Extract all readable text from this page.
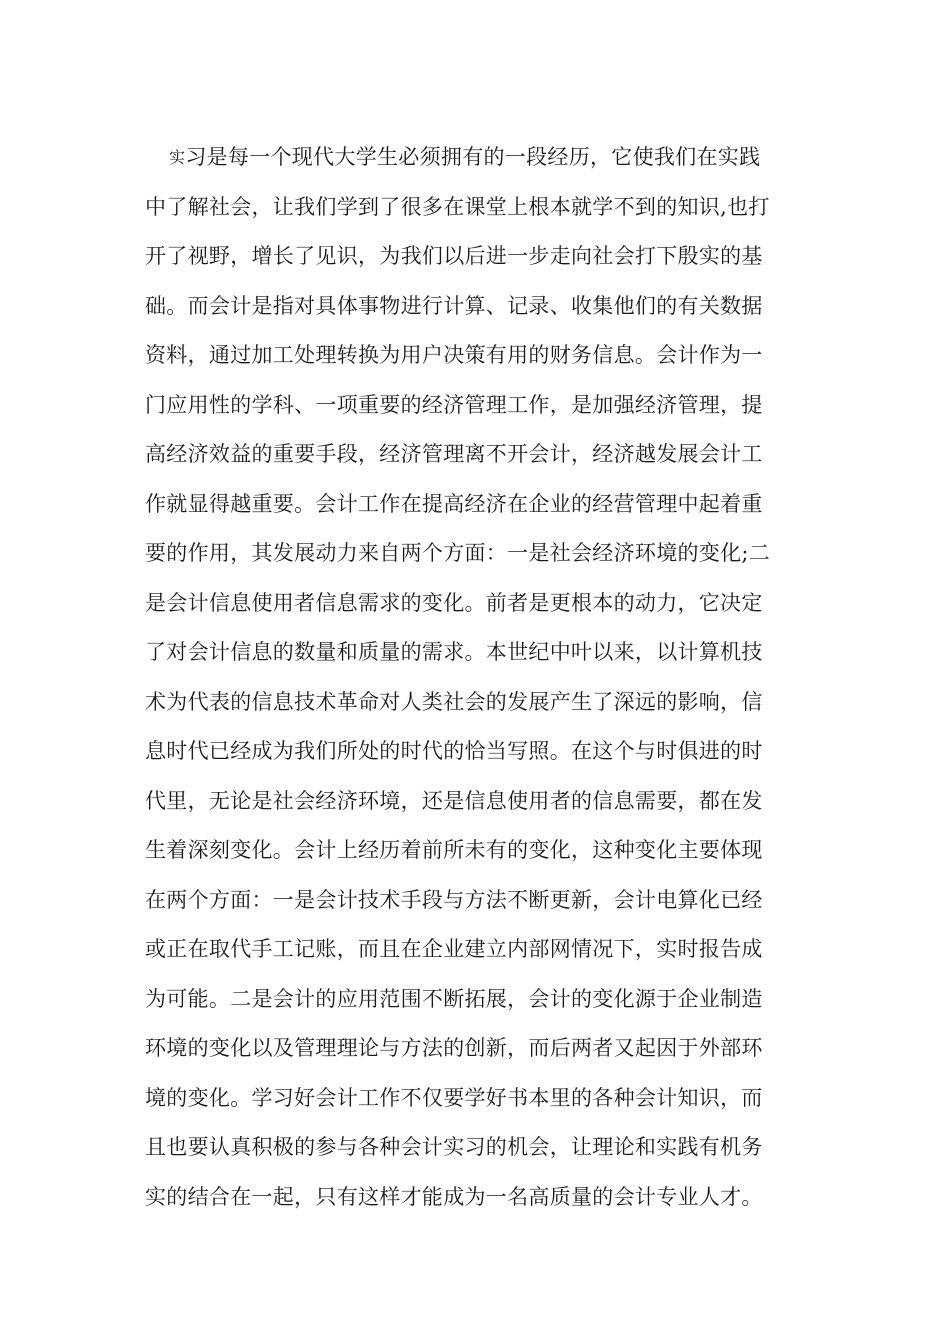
实习是每一个现代大学生必须拥有的一段经历，它使我们在实践
中了解社会，让我们学到了很多在课堂上根本就学不到的知识,也打
开了视野，增长了见识，为我们以后进一步走向社会打下殷实的基
础。而会计是指对具体事物进行计算、记录、收集他们的有关数据
资料，通过加工处理转换为用户决策有用的财务信息。会计作为一
门应用性的学科、一项重要的经济管理工作，是加强经济管理，提
高经济效益的重要手段，经济管理离不开会计，经济越发展会计工
作就显得越重要。会计工作在提高经济在企业的经营管理中起着重
要的作用，其发展动力来自两个方面：一是社会经济环境的变化;二
是会计信息使用者信息需求的变化。前者是更根本的动力，它决定
了对会计信息的数量和质量的需求。本世纪中叶以来，以计算机技
术为代表的信息技术革命对人类社会的发展产生了深远的影响，信
息时代已经成为我们所处的时代的恰当写照。在这个与时俱进的时
代里，无论是社会经济环境，还是信息使用者的信息需要，都在发
生着深刻变化。会计上经历着前所未有的变化，这种变化主要体现
在两个方面：一是会计技术手段与方法不断更新，会计电算化已经
或正在取代手工记账，而且在企业建立内部网情况下，实时报告成
为可能。二是会计的应用范围不断拓展，会计的变化源于企业制造
环境的变化以及管理理论与方法的创新，而后两者又起因于外部环
境的变化。学习好会计工作不仅要学好书本里的各种会计知识，而
且也要认真积极的参与各种会计实习的机会，让理论和实践有机务
实的结合在一起，只有这样才能成为一名高质量的会计专业人才。
